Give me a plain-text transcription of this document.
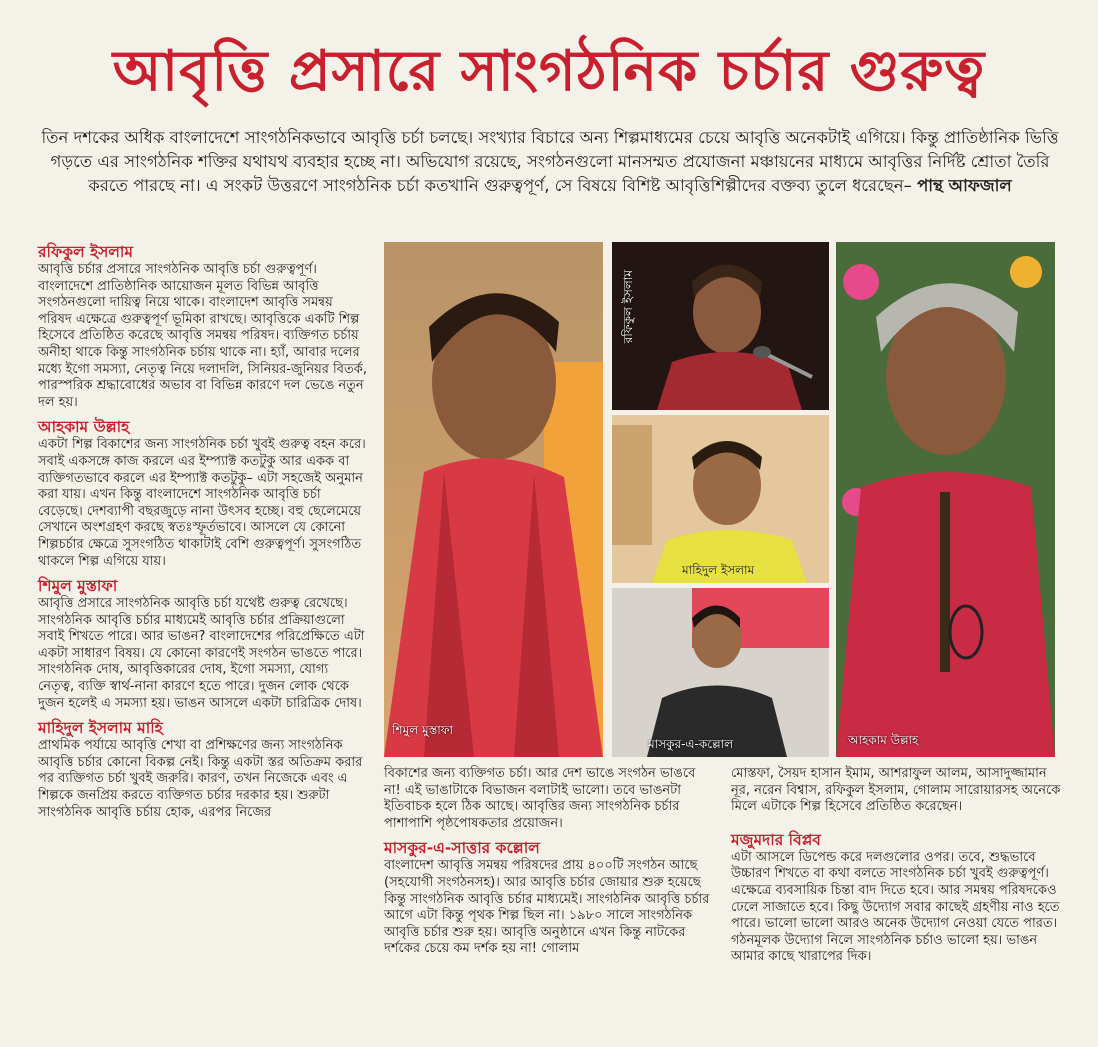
আবৃত্তি প্রসারে সাংগঠনিক চর্চার গুরুত্ব
তিন দশকের অধিক বাংলাদেশে সাংগঠনিকভাবে আবৃত্তি চর্চা চলছে। সংখ্যার বিচারে অন্য শিল্পমাধ্যমের চেয়ে আবৃত্তি অনেকটাই এগিয়ে। কিন্তু প্রাতিষ্ঠানিক ভিত্তি গড়তে এর সাংগঠনিক শক্তির যথাযথ ব্যবহার হচ্ছে না। অভিযোগ রয়েছে, সংগঠনগুলো মানসম্মত প্রযোজনা মঞ্চায়নের মাধ্যমে আবৃত্তির নির্দিষ্ট শ্রোতা তৈরি করতে পারছে না। এ সংকট উত্তরণে সাংগঠনিক চর্চা কতখানি গুরুত্বপূর্ণ, সে বিষয়ে বিশিষ্ট আবৃত্তিশিল্পীদের বক্তব্য তুলে ধরেছেন– পান্থ আফজাল

রফিকুল ইসলাম

আবৃত্তি চর্চার প্রসারে সাংগঠনিক আবৃত্তি চর্চা গুরুত্বপূর্ণ। বাংলাদেশে প্রাতিষ্ঠানিক আয়োজন মূলত বিভিন্ন আবৃত্তি সংগঠনগুলো দায়িত্ব নিয়ে থাকে। বাংলাদেশ আবৃত্তি সমন্বয় পরিষদ এক্ষেত্রে গুরুত্বপূর্ণ ভূমিকা রাখছে। আবৃত্তিকে একটি শিল্প হিসেবে প্রতিষ্ঠিত করেছে আবৃত্তি সমন্বয় পরিষদ। ব্যক্তিগত চর্চায় অনীহা থাকে কিন্তু সাংগঠনিক চর্চায় থাকে না। হ্যাঁ, আবার দলের মধ্যে ইগো সমস্যা, নেতৃত্ব নিয়ে দলাদলি, সিনিয়র-জুনিয়র বিতর্ক, পারস্পরিক শ্রদ্ধাবোধের অভাব বা বিভিন্ন কারণে দল ভেঙে নতুন দল হয়।

আহকাম উল্লাহ

একটা শিল্প বিকাশের জন্য সাংগঠনিক চর্চা খুবই গুরুত্ব বহন করে। সবাই একসঙ্গে কাজ করলে এর ইম্প্যাক্ট কতটুকু আর একক বা ব্যক্তিগতভাবে করলে এর ইম্প্যাক্ট কতটুকু– এটা সহজেই অনুমান করা যায়। এখন কিন্তু বাংলাদেশে সাংগঠনিক আবৃত্তি চর্চা বেড়েছে। দেশব্যাপী বছরজুড়ে নানা উৎসব হচ্ছে। বহু ছেলেমেয়ে সেখানে অংশগ্রহণ করছে স্বতঃস্ফূর্তভাবে। আসলে যে কোনো শিল্পচর্চার ক্ষেত্রে সুসংগঠিত থাকাটাই বেশি গুরুত্বপূর্ণ। সুসংগঠিত থাকলে শিল্প এগিয়ে যায়।

শিমুল মুস্তাফা

আবৃত্তি প্রসারে সাংগঠনিক আবৃত্তি চর্চা যথেষ্ট গুরুত্ব রেখেছে। সাংগঠনিক আবৃত্তি চর্চার মাধ্যমেই আবৃত্তি চর্চার প্রক্রিয়াগুলো সবাই শিখতে পারে। আর ভাঙন? বাংলাদেশের পরিপ্রেক্ষিতে এটা একটা সাধারণ বিষয়। যে কোনো কারণেই সংগঠন ভাঙতে পারে। সাংগঠনিক দোষ, আবৃত্তিকারের দোষ, ইগো সমস্যা, যোগ্য নেতৃত্ব, ব্যক্তি স্বার্থ-নানা কারণে হতে পারে। দুজন লোক থেকে দুজন হলেই এ সমস্যা হয়। ভাঙন আসলে একটা চারিত্রিক দোষ।

মাহিদুল ইসলাম মাহি

প্রাথমিক পর্যায়ে আবৃত্তি শেখা বা প্রশিক্ষণের জন্য সাংগঠনিক আবৃত্তি চর্চার কোনো বিকল্প নেই। কিন্তু একটা স্তর অতিক্রম করার পর ব্যক্তিগত চর্চা খুবই জরুরি। কারণ, তখন নিজেকে এবং এ শিল্পকে জনপ্রিয় করতে ব্যক্তিগত চর্চার দরকার হয়। শুরুটা সাংগঠনিক আবৃত্তি চর্চায় হোক, এরপর নিজের

শিমুল মুস্তাফা
রফিকুল ইসলাম
মাহিদুল ইসলাম
মাসকুর-এ-কল্লোল	আহকাম উল্লাহ

বিকাশের জন্য ব্যক্তিগত চর্চা। আর দেশ ভাঙে সংগঠন ভাঙবে না! এই ভাঙাটাকে বিভাজন বলাটাই ভালো। তবে ভাঙনটা ইতিবাচক হলে ঠিক আছে। আবৃত্তির জন্য সাংগঠনিক চর্চার পাশাপাশি পৃষ্ঠপোষকতার প্রয়োজন।

মাসকুর-এ-সাত্তার কল্লোল

বাংলাদেশ আবৃত্তি সমন্বয় পরিষদের প্রায় ৪০০টি সংগঠন আছে (সহযোগী সংগঠনসহ)। আর আবৃত্তি চর্চার জোয়ার শুরু হয়েছে কিন্তু সাংগঠনিক আবৃত্তি চর্চার মাধ্যমেই। সাংগঠনিক আবৃত্তি চর্চার আগে এটা কিন্তু পৃথক শিল্প ছিল না। ১৯৮০ সালে সাংগঠনিক আবৃত্তি চর্চার শুরু হয়। আবৃত্তি অনুষ্ঠানে এখন কিন্তু নাটকের দর্শকের চেয়ে কম দর্শক হয় না! গোলাম

মোস্তফা, সৈয়দ হাসান ইমাম, আশরাফুল আলম, আসাদুজ্জামান নূর, নরেন বিশ্বাস, রফিকুল ইসলাম, গোলাম সারোয়ারসহ অনেকে মিলে এটাকে শিল্প হিসেবে প্রতিষ্ঠিত করেছেন।

মজুমদার বিপ্লব

এটা আসলে ডিপেন্ড করে দলগুলোর ওপর। তবে, শুদ্ধভাবে উচ্চারণ শিখতে বা কথা বলতে সাংগঠনিক চর্চা খুবই গুরুত্বপূর্ণ। এক্ষেত্রে ব্যবসায়িক চিন্তা বাদ দিতে হবে। আর সমন্বয় পরিষদকেও ঢেলে সাজাতে হবে। কিছু উদ্যোগ সবার কাছেই গ্রহণীয় নাও হতে পারে। ভালো ভালো আরও অনেক উদ্যোগ নেওয়া যেতে পারত। গঠনমূলক উদ্যোগ নিলে সাংগঠনিক চর্চাও ভালো হয়। ভাঙন আমার কাছে খারাপের দিক।
